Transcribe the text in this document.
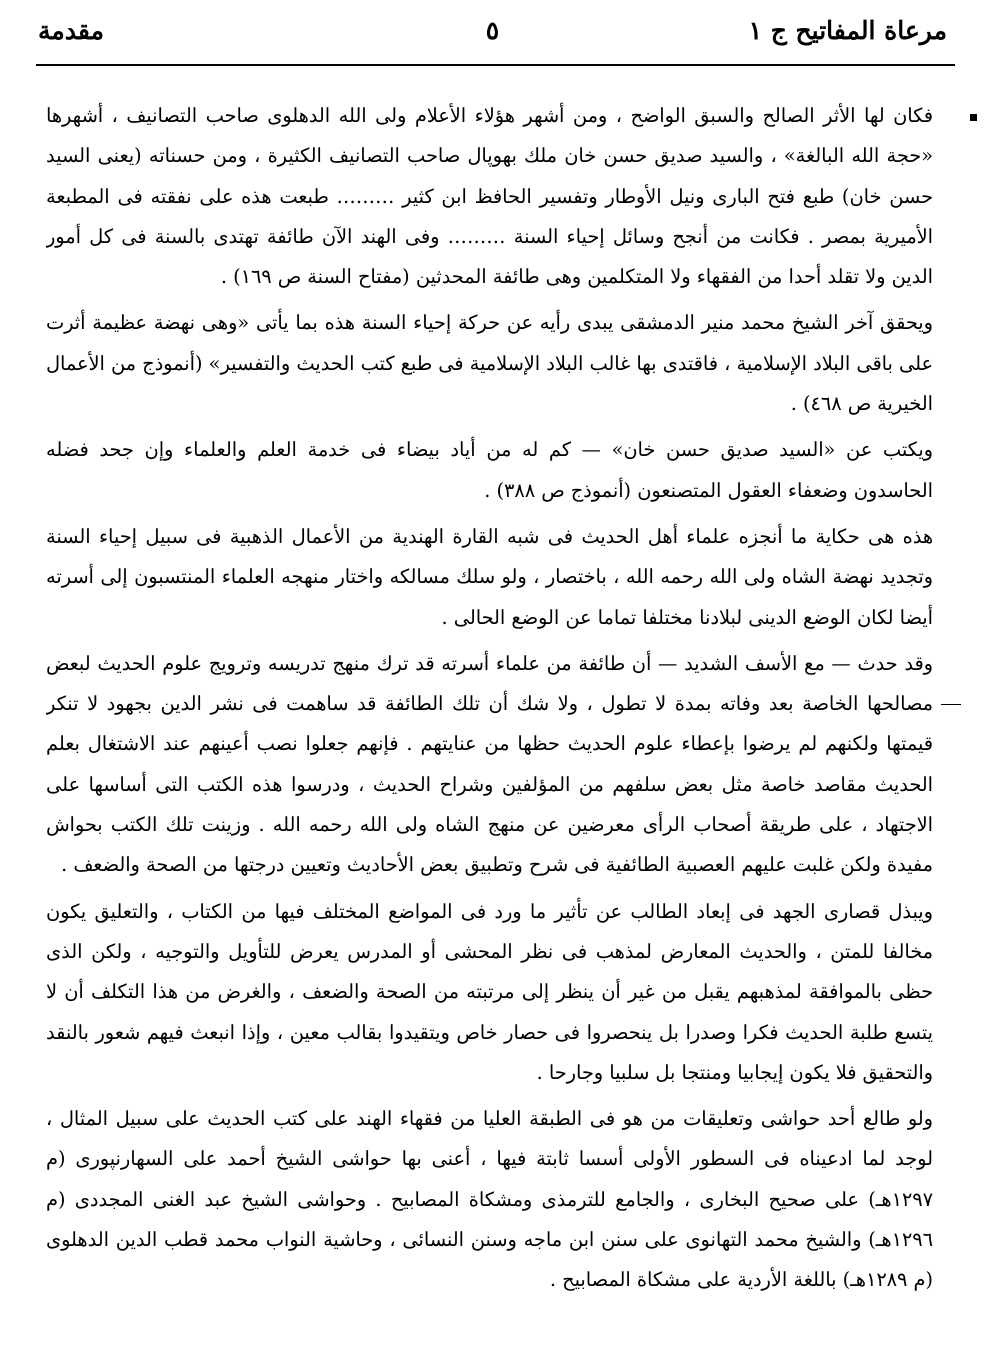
مرعاة المفاتيح ج ١
٥
مقدمة

فكان لها الأثر الصالح والسبق الواضح ، ومن أشهر هؤلاء الأعلام ولى الله الدهلوى صاحب التصانيف ، أشهرها «حجة الله البالغة» ، والسيد صديق حسن خان ملك بهوپال صاحب التصانيف الكثيرة ، ومن حسناته (يعنى السيد حسن خان) طبع فتح البارى ونيل الأوطار وتفسير الحافظ ابن كثير ……… طبعت هذه على نفقته فى المطبعة الأميرية بمصر . فكانت من أنجح وسائل إحياء السنة ……… وفى الهند الآن طائفة تهتدى بالسنة فى كل أمور الدين ولا تقلد أحدا من الفقهاء ولا المتكلمين وهى طائفة المحدثين (مفتاح السنة ص ١٦٩) .

ويحقق آخر الشيخ محمد منير الدمشقى يبدى رأيه عن حركة إحياء السنة هذه بما يأتى «وهى نهضة عظيمة أثرت على باقى البلاد الإسلامية ، فاقتدى بها غالب البلاد الإسلامية فى طبع كتب الحديث والتفسير» (أنموذج من الأعمال الخيرية ص ٤٦٨) .

ويكتب عن «السيد صديق حسن خان» — كم له من أياد بيضاء فى خدمة العلم والعلماء وإن جحد فضله الحاسدون وضعفاء العقول المتصنعون (أنموذج ص ٣٨٨) .

هذه هى حكاية ما أنجزه علماء أهل الحديث فى شبه القارة الهندية من الأعمال الذهبية فى سبيل إحياء السنة وتجديد نهضة الشاه ولى الله رحمه الله ، باختصار ، ولو سلك مسالكه واختار منهجه العلماء المنتسبون إلى أسرته أيضا لكان الوضع الدينى لبلادنا مختلفا تماما عن الوضع الحالى .

وقد حدث — مع الأسف الشديد — أن طائفة من علماء أسرته قد ترك منهج تدريسه وترويج علوم الحديث لبعض مصالحها الخاصة بعد وفاته بمدة لا تطول ، ولا شك أن تلك الطائفة قد ساهمت فى نشر الدين بجهود لا تنكر قيمتها ولكنهم لم يرضوا بإعطاء علوم الحديث حظها من عنايتهم . فإنهم جعلوا نصب أعينهم عند الاشتغال بعلم الحديث مقاصد خاصة مثل بعض سلفهم من المؤلفين وشراح الحديث ، ودرسوا هذه الكتب التى أساسها على الاجتهاد ، على طريقة أصحاب الرأى معرضين عن منهج الشاه ولى الله رحمه الله . وزينت تلك الكتب بحواش مفيدة ولكن غلبت عليهم العصبية الطائفية فى شرح وتطبيق بعض الأحاديث وتعيين درجتها من الصحة والضعف .

ويبذل قصارى الجهد فى إبعاد الطالب عن تأثير ما ورد فى المواضع المختلف فيها من الكتاب ، والتعليق يكون مخالفا للمتن ، والحديث المعارض لمذهب فى نظر المحشى أو المدرس يعرض للتأويل والتوجيه ، ولكن الذى حظى بالموافقة لمذهبهم يقبل من غير أن ينظر إلى مرتبته من الصحة والضعف ، والغرض من هذا التكلف أن لا يتسع طلبة الحديث فكرا وصدرا بل ينحصروا فى حصار خاص ويتقيدوا بقالب معين ، وإذا انبعث فيهم شعور بالنقد والتحقيق فلا يكون إيجابيا ومنتجا بل سلبيا وجارحا .

ولو طالع أحد حواشى وتعليقات من هو فى الطبقة العليا من فقهاء الهند على كتب الحديث على سبيل المثال ، لوجد لما ادعيناه فى السطور الأولى أسسا ثابتة فيها ، أعنى بها حواشى الشيخ أحمد على السهارنپورى (م ١٢٩٧هـ) على صحيح البخارى ، والجامع للترمذى ومشكاة المصابيح . وحواشى الشيخ عبد الغنى المجددى (م ١٢٩٦هـ) والشيخ محمد التهانوى على سنن ابن ماجه وسنن النسائى ، وحاشية النواب محمد قطب الدين الدهلوى (م ١٢٨٩هـ) باللغة الأردية على مشكاة المصابيح .
